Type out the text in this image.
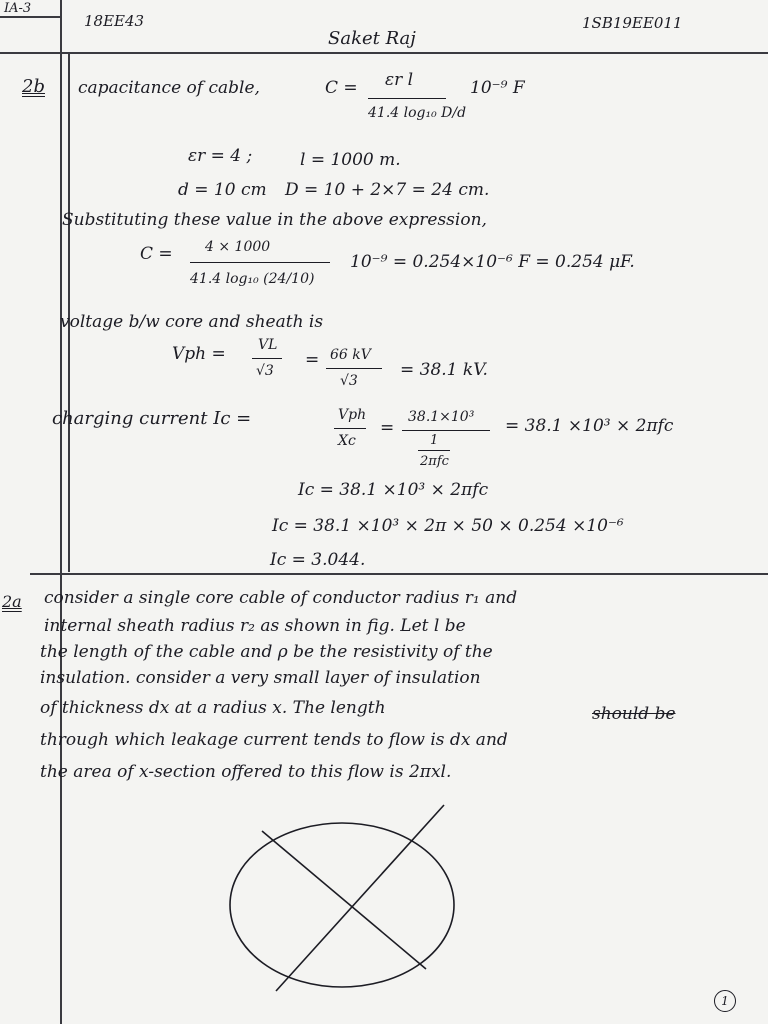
IA-3
18EE43
Saket Raj
1SB19EE011
2b capacitance of cable,	C = εr l
41.4 log₁₀ D/d
10⁻⁹ F
εr = 4 ;	l = 1000 m.
d = 10 cm D = 10 + 2×7 = 24 cm.
Substituting these value in the above expression,
C = 4 × 1000
41.4 log₁₀ (24/10)
10⁻⁹ = 0.254×10⁻⁶ F = 0.254 μF.
voltage b/w core and sheath is
Vph = VL
√3
= 66 kV
√3
= 38.1 kV.
charging current Ic =	Vph
Xc
=
38.1×10³
1
2πfc
= 38.1 ×10³ × 2πfc
Ic = 38.1 ×10³ × 2πfc
Ic = 38.1 ×10³ × 2π × 50 × 0.254 ×10⁻⁶
Ic = 3.044.
2a consider a single core cable of conductor radius r₁ and
internal sheath radius r₂ as shown in fig. Let l be
the length of the cable and ρ be the resistivity of the
insulation. consider a very small layer of insulation
of thickness dx at a radius x. The length
through which leakage current tends to flow is dx and
the area of x-section offered to this flow is 2πxl.
should be
1
